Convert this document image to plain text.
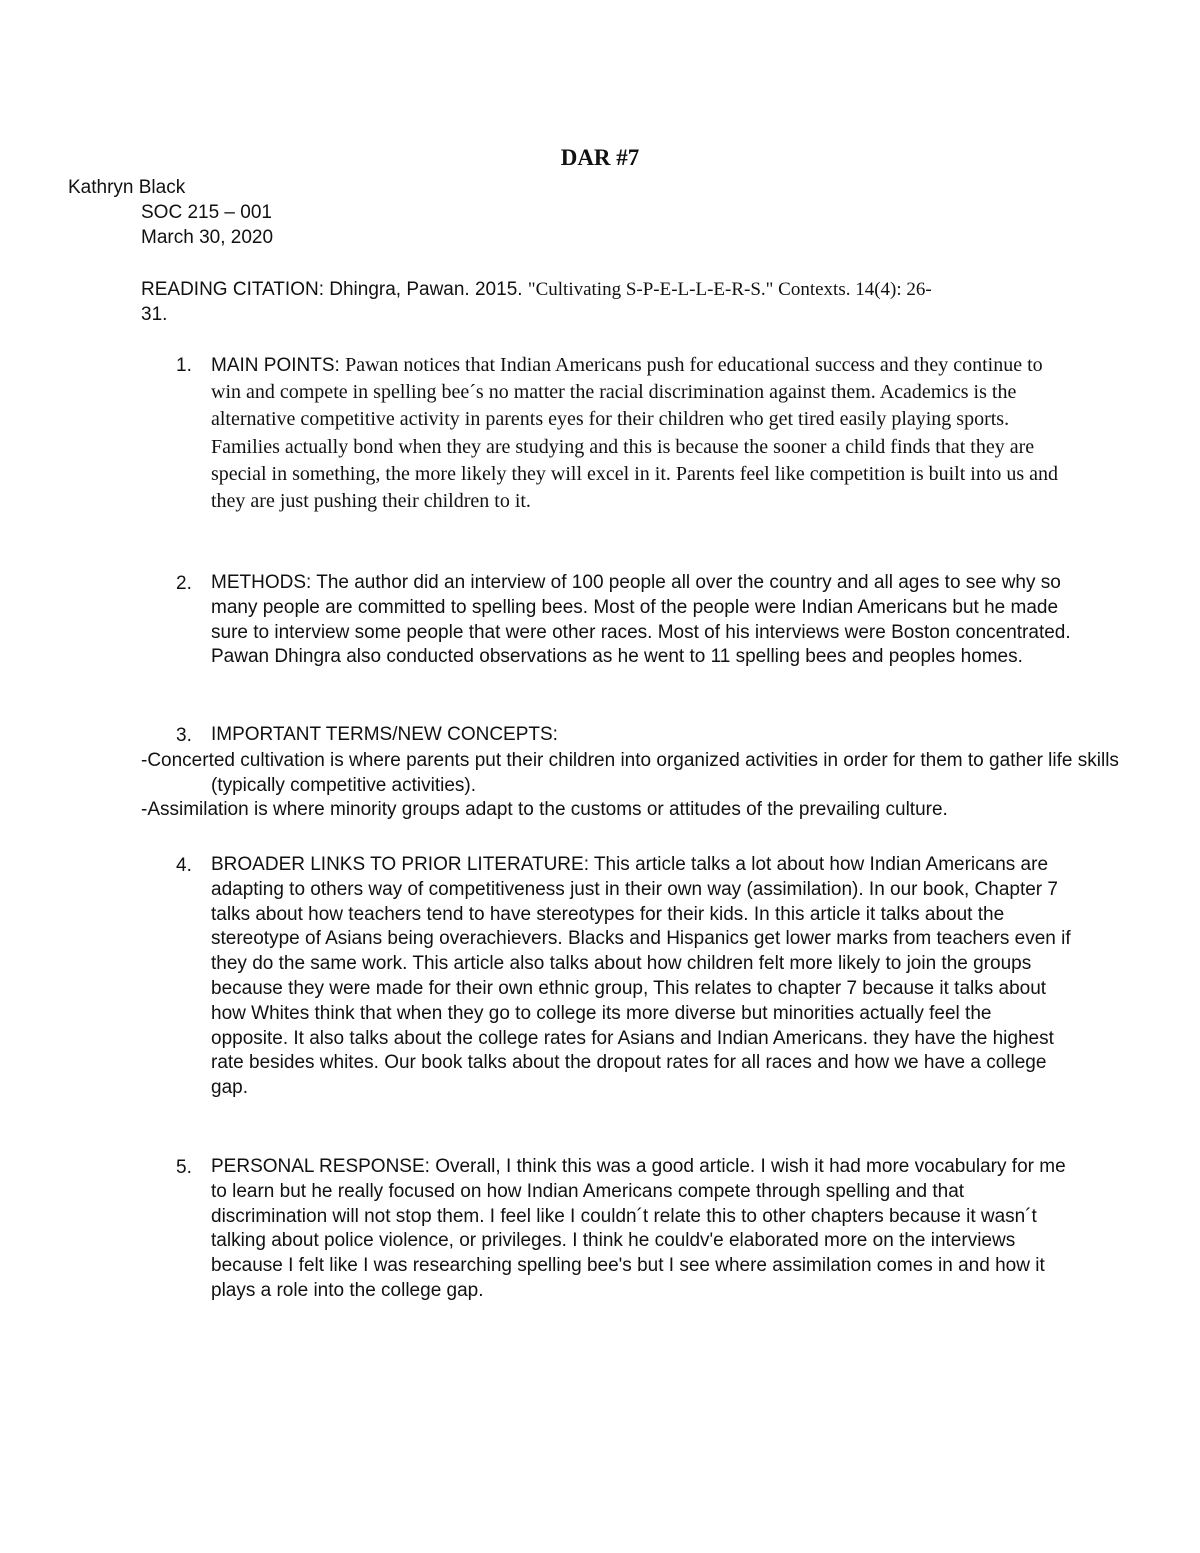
DAR #7
Kathryn Black
SOC 215 – 001
March 30, 2020
READING CITATION: Dhingra, Pawan. 2015. "Cultivating S-P-E-L-L-E-R-S." Contexts. 14(4): 26-
31.
1. MAIN POINTS: Pawan notices that Indian Americans push for educational success and they continue to win and compete in spelling bee´s no matter the racial discrimination against them. Academics is the alternative competitive activity in parents eyes for their children who get tired easily playing sports. Families actually bond when they are studying and this is because the sooner a child finds that they are special in something, the more likely they will excel in it. Parents feel like competition is built into us and they are just pushing their children to it.
2. METHODS: The author did an interview of 100 people all over the country and all ages to see why so many people are committed to spelling bees. Most of the people were Indian Americans but he made sure to interview some people that were other races. Most of his interviews were Boston concentrated. Pawan Dhingra also conducted observations as he went to 11 spelling bees and peoples homes.
3. IMPORTANT TERMS/NEW CONCEPTS:
-Concerted cultivation is where parents put their children into organized activities in order for them to gather life skills (typically competitive activities).
-Assimilation is where minority groups adapt to the customs or attitudes of the prevailing culture.
4. BROADER LINKS TO PRIOR LITERATURE: This article talks a lot about how Indian Americans are adapting to others way of competitiveness just in their own way (assimilation). In our book, Chapter 7 talks about how teachers tend to have stereotypes for their kids. In this article it talks about the stereotype of Asians being overachievers. Blacks and Hispanics get lower marks from teachers even if they do the same work. This article also talks about how children felt more likely to join the groups because they were made for their own ethnic group, This relates to chapter 7 because it talks about how Whites think that when they go to college its more diverse but minorities actually feel the opposite. It also talks about the college rates for Asians and Indian Americans. they have the highest rate besides whites. Our book talks about the dropout rates for all races and how we have a college gap.
5. PERSONAL RESPONSE: Overall, I think this was a good article. I wish it had more vocabulary for me to learn but he really focused on how Indian Americans compete through spelling and that discrimination will not stop them. I feel like I couldn´t relate this to other chapters because it wasn´t talking about police violence, or privileges. I think he couldv'e elaborated more on the interviews because I felt like I was researching spelling bee's but I see where assimilation comes in and how it plays a role into the college gap.
